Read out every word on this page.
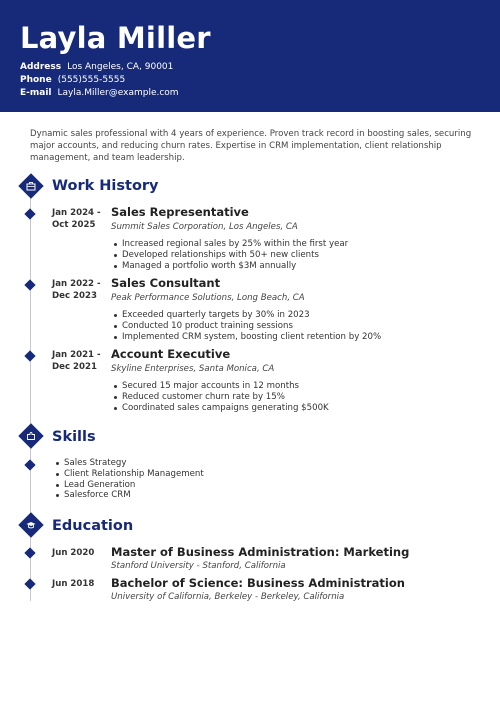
Layla Miller
Address Los Angeles, CA, 90001
Phone (555)555-5555
E-mail Layla.Miller@example.com
Dynamic sales professional with 4 years of experience. Proven track record in boosting sales, securing major accounts, and reducing churn rates. Expertise in CRM implementation, client relationship management, and team leadership.
Work History
Jan 2024 -
Oct 2025
Sales Representative
Summit Sales Corporation, Los Angeles, CA
Increased regional sales by 25% within the first year
Developed relationships with 50+ new clients
Managed a portfolio worth $3M annually
Jan 2022 -
Dec 2023
Sales Consultant
Peak Performance Solutions, Long Beach, CA
Exceeded quarterly targets by 30% in 2023
Conducted 10 product training sessions
Implemented CRM system, boosting client retention by 20%
Jan 2021 -
Dec 2021
Account Executive
Skyline Enterprises, Santa Monica, CA
Secured 15 major accounts in 12 months
Reduced customer churn rate by 15%
Coordinated sales campaigns generating $500K
Skills
Sales Strategy
Client Relationship Management
Lead Generation
Salesforce CRM
Education
Jun 2020 Master of Business Administration: Marketing
Stanford University - Stanford, California
Jun 2018 Bachelor of Science: Business Administration
University of California, Berkeley - Berkeley, California
